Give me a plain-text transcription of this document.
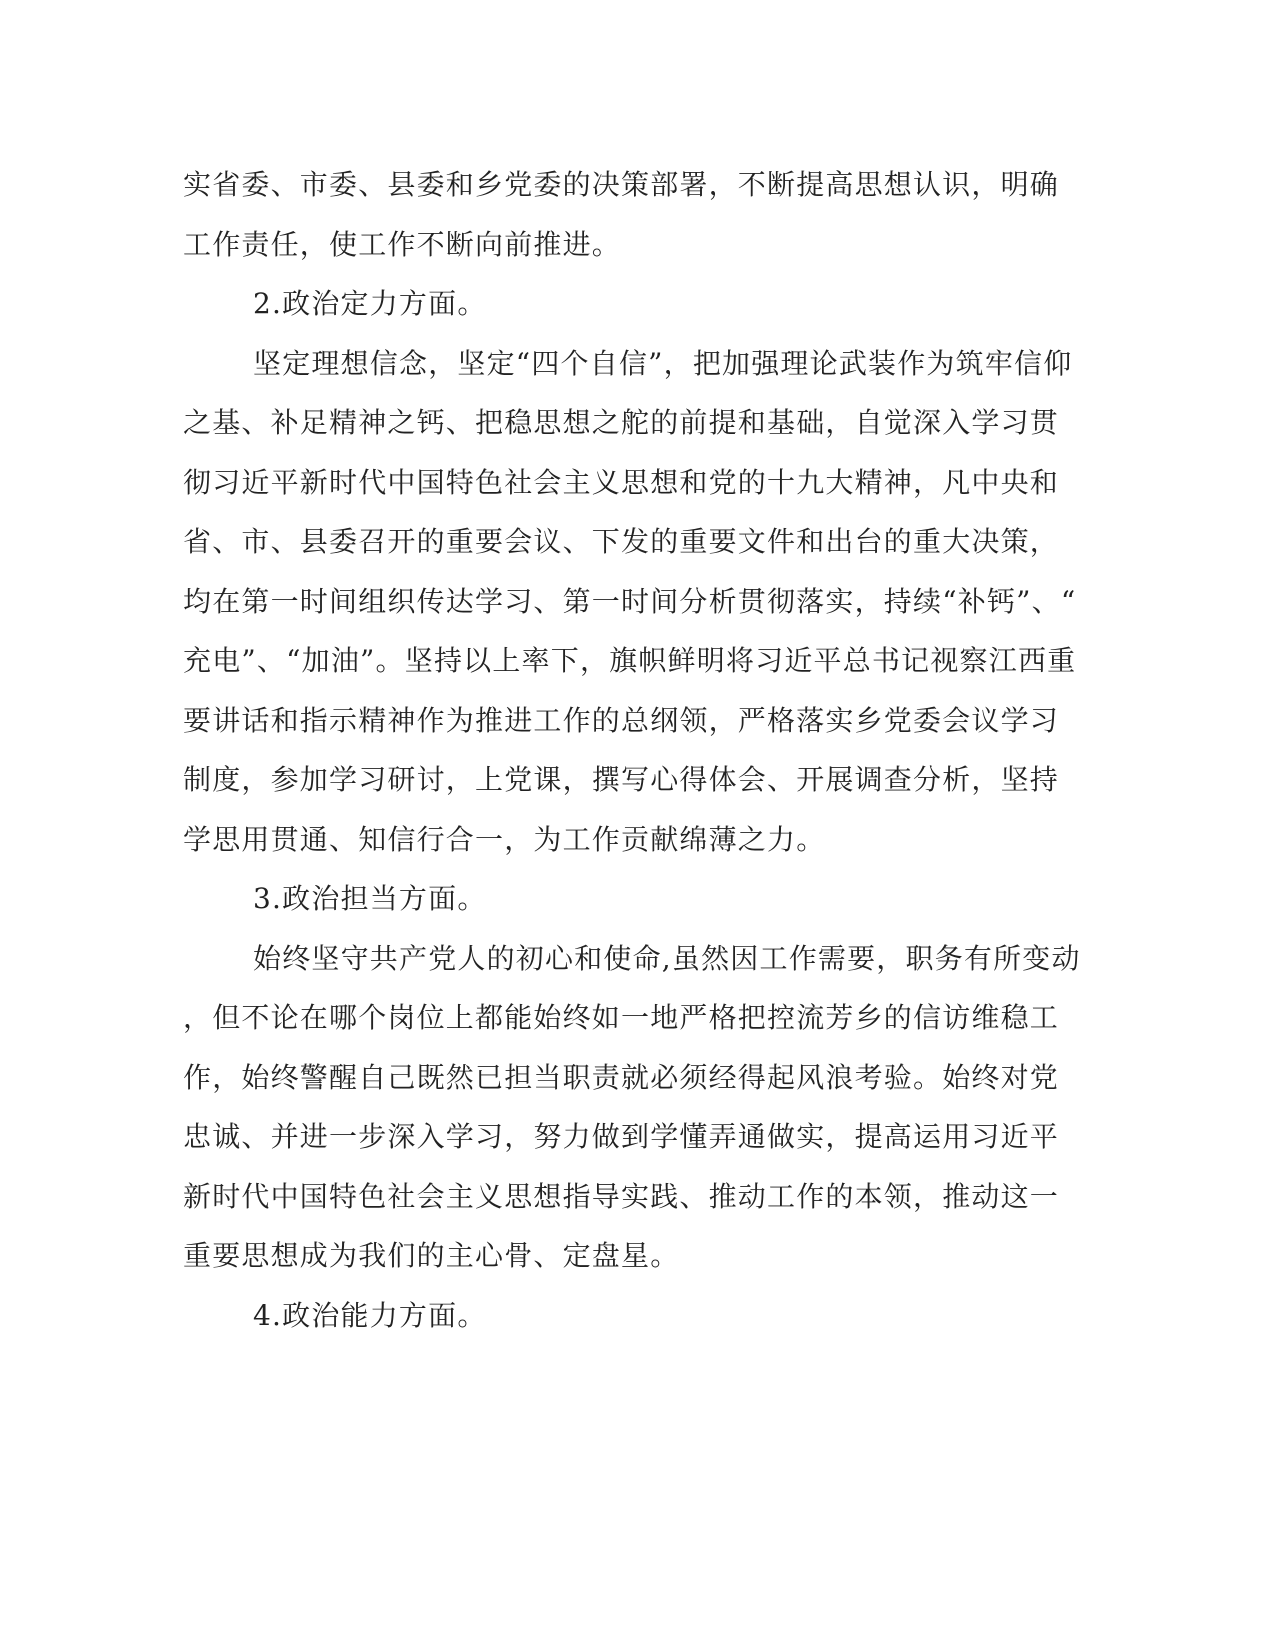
实省委、市委、县委和乡党委的决策部署，不断提高思想认识，明确
工作责任，使工作不断向前推进。
2.政治定力方面。
坚定理想信念，坚定“四个自信”，把加强理论武装作为筑牢信仰
之基、补足精神之钙、把稳思想之舵的前提和基础，自觉深入学习贯
彻习近平新时代中国特色社会主义思想和党的十九大精神，凡中央和
省、市、县委召开的重要会议、下发的重要文件和出台的重大决策，
均在第一时间组织传达学习、第一时间分析贯彻落实，持续“补钙”、“
充电”、“加油”。坚持以上率下，旗帜鲜明将习近平总书记视察江西重
要讲话和指示精神作为推进工作的总纲领，严格落实乡党委会议学习
制度，参加学习研讨，上党课，撰写心得体会、开展调查分析，坚持
学思用贯通、知信行合一，为工作贡献绵薄之力。
3.政治担当方面。
始终坚守共产党人的初心和使命,虽然因工作需要，职务有所变动
，但不论在哪个岗位上都能始终如一地严格把控流芳乡的信访维稳工
作，始终警醒自己既然已担当职责就必须经得起风浪考验。始终对党
忠诚、并进一步深入学习，努力做到学懂弄通做实，提高运用习近平
新时代中国特色社会主义思想指导实践、推动工作的本领，推动这一
重要思想成为我们的主心骨、定盘星。
4.政治能力方面。
